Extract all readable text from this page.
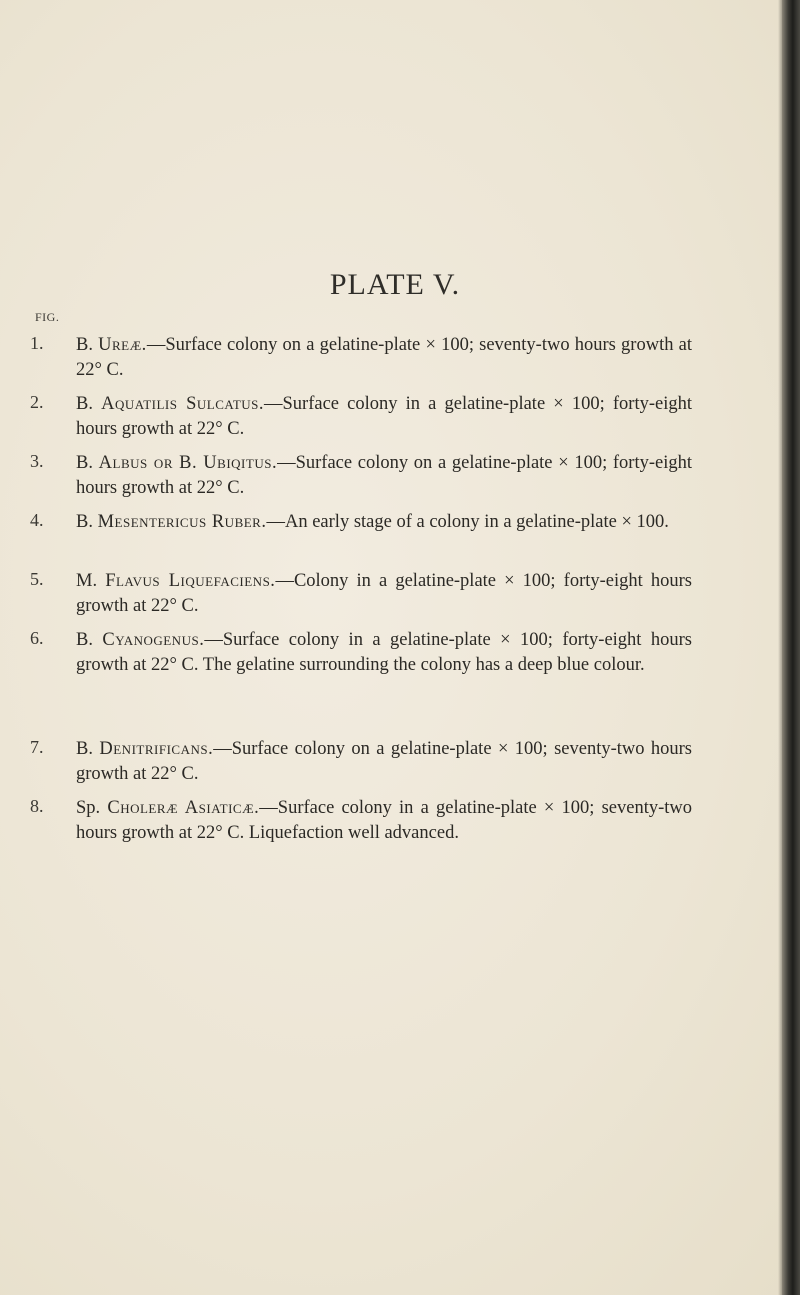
PLATE V.
FIG.
1.	B. Ureæ.—Surface colony on a gelatine-plate × 100; seventy-two hours growth at 22° C.
2.	B. Aquatilis Sulcatus.—Surface colony in a gelatine-plate × 100; forty-eight hours growth at 22° C.
3.	B. Albus or B. Ubiqitus.—Surface colony on a gelatine-plate × 100; forty-eight hours growth at 22° C.
4.	B. Mesentericus Ruber.—An early stage of a colony in a gelatine-plate × 100.
5.	M. Flavus Liquefaciens.—Colony in a gelatine-plate × 100; forty-eight hours growth at 22° C.
6.	B. Cyanogenus.—Surface colony in a gelatine-plate × 100; forty-eight hours growth at 22° C. The gelatine surrounding the colony has a deep blue colour.
7.	B. Denitrificans.—Surface colony on a gelatine-plate × 100; seventy-two hours growth at 22° C.
8.	Sp. Choleræ Asiaticæ.—Surface colony in a gelatine-plate × 100; seventy-two hours growth at 22° C. Liquefaction well advanced.
